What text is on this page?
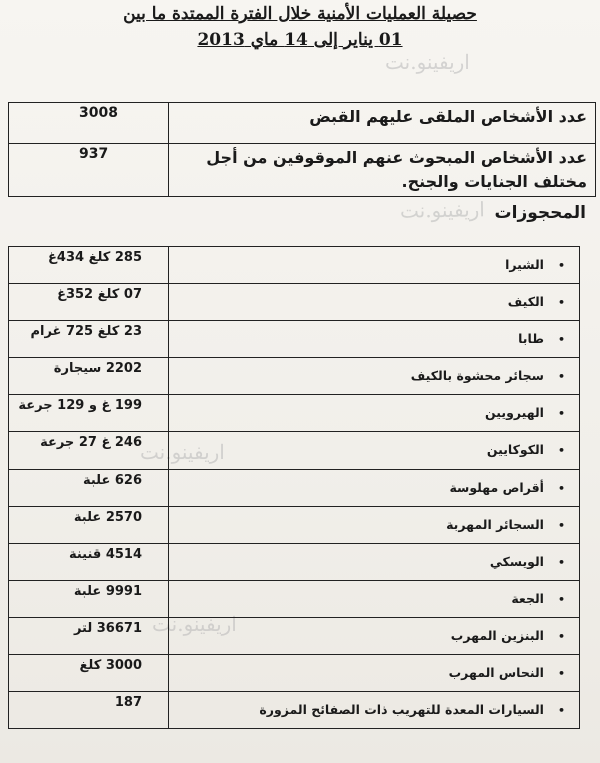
حصيلة العمليات الأمنية خلال الفترة الممتدة ما بين
01 يناير إلى 14 ماي 2013
اريفينو.نت
اريفينو.نت
اريفينو.نت
اريفينو.نت
3008	عدد الأشخاص الملقى عليهم القبض
937	عدد الأشخاص المبحوث عنهم الموقوفين من أجل مختلف الجنايات والجنح.
المحجوزات
285 كلغ 434غ	•الشيرا
07 كلغ 352غ	•الكيف
23 كلغ 725 غرام	•طابا
2202 سيجارة	•سجائر محشوة بالكيف
199 غ و 129 جرعة	•الهيرويين
246 غ 27 جرعة	•الكوكايين
626 علبة	•أقراص مهلوسة
2570 علبة	•السجائر المهربة
4514 قنينة	•الويسكي
9991 علبة	•الجعة
36671 لتر	•البنزين المهرب
3000 كلغ	•النحاس المهرب
187	•السيارات المعدة للتهريب ذات الصفائح المزورة
